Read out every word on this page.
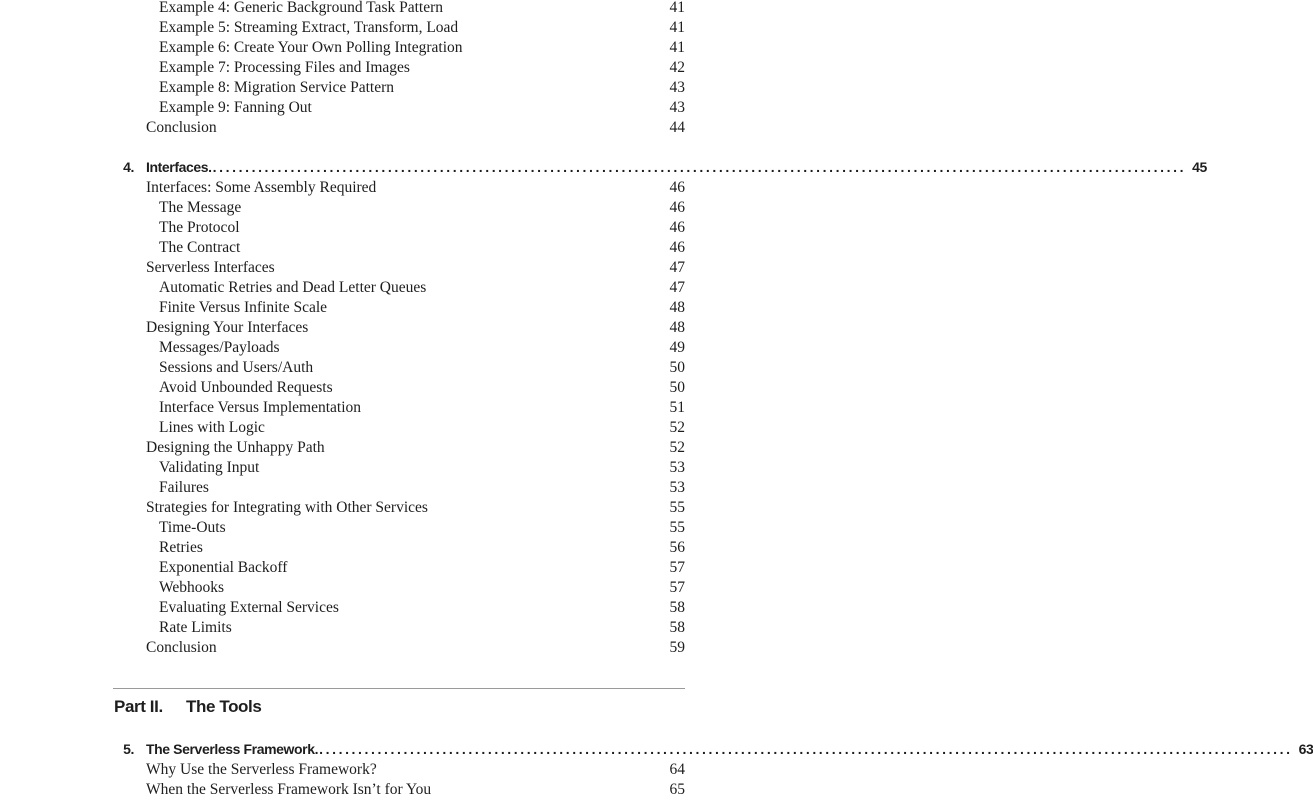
Example 4: Generic Background Task Pattern	41
Example 5: Streaming Extract, Transform, Load	41
Example 6: Create Your Own Polling Integration	41
Example 7: Processing Files and Images	42
Example 8: Migration Service Pattern	43
Example 9: Fanning Out	43
Conclusion	44
4. Interfaces. ...................................................................................................................................................... 45
Interfaces: Some Assembly Required	46
The Message	46
The Protocol	46
The Contract	46
Serverless Interfaces	47
Automatic Retries and Dead Letter Queues	47
Finite Versus Infinite Scale	48
Designing Your Interfaces	48
Messages/Payloads	49
Sessions and Users/Auth	50
Avoid Unbounded Requests	50
Interface Versus Implementation	51
Lines with Logic	52
Designing the Unhappy Path	52
Validating Input	53
Failures	53
Strategies for Integrating with Other Services	55
Time-Outs	55
Retries	56
Exponential Backoff	57
Webhooks	57
Evaluating External Services	58
Rate Limits	58
Conclusion	59
Part II. The Tools
5. The Serverless Framework. ...................................................................................................................................................... 63
Why Use the Serverless Framework?	64
When the Serverless Framework Isn’t for You	65
